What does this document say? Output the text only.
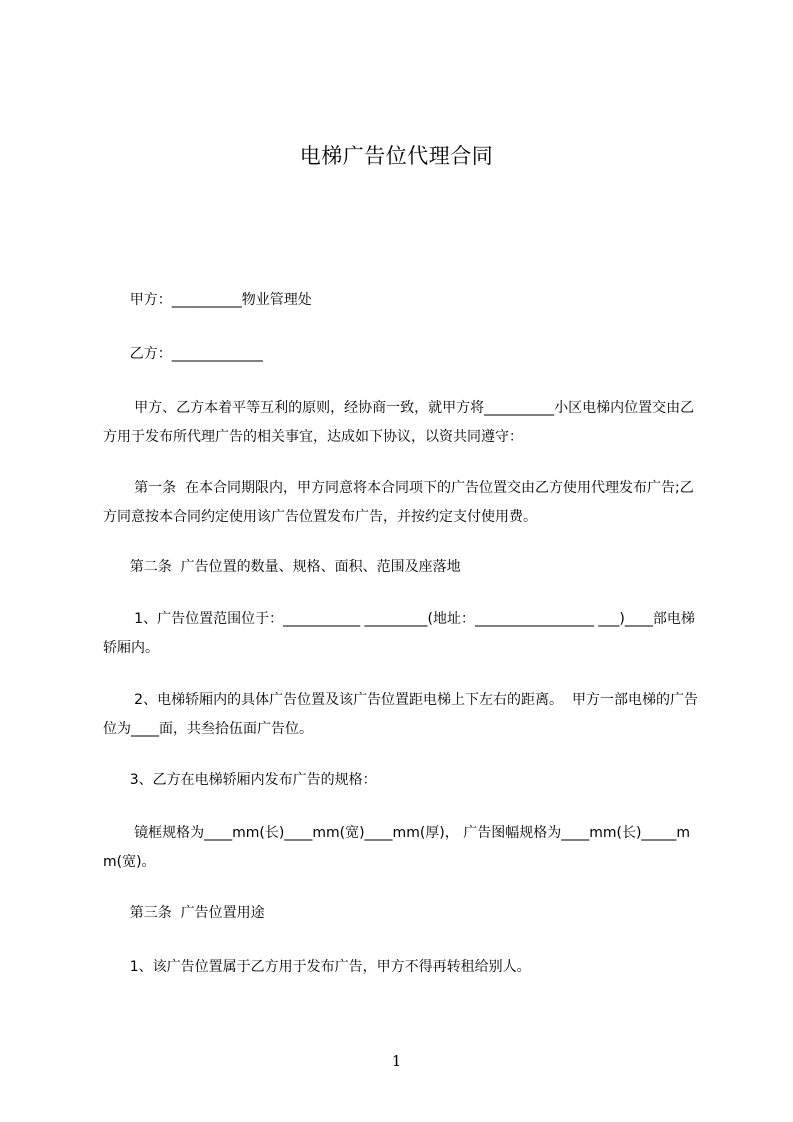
电梯广告位代理合同

甲方：__________物业管理处

乙方：_____________

甲方、乙方本着平等互利的原则，经协商一致，就甲方将__________小区电梯内位置交由乙方用于发布所代理广告的相关事宜，达成如下协议，以资共同遵守：

第一条  在本合同期限内，甲方同意将本合同项下的广告位置交由乙方使用代理发布广告;乙方同意按本合同约定使用该广告位置发布广告，并按约定支付使用费。

第二条  广告位置的数量、规格、面积、范围及座落地

1、广告位置范围位于：___________ _________(地址：_________________ ___)____部电梯轿厢内。

2、电梯轿厢内的具体广告位置及该广告位置距电梯上下左右的距离。  甲方一部电梯的广告位为____面，共叁拾伍面广告位。

3、乙方在电梯轿厢内发布广告的规格：

镜框规格为____mm(长)____mm(宽)____mm(厚)， 广告图幅规格为____mm(长)_____mm(宽)。

第三条  广告位置用途

1、该广告位置属于乙方用于发布广告，甲方不得再转租给别人。

1
